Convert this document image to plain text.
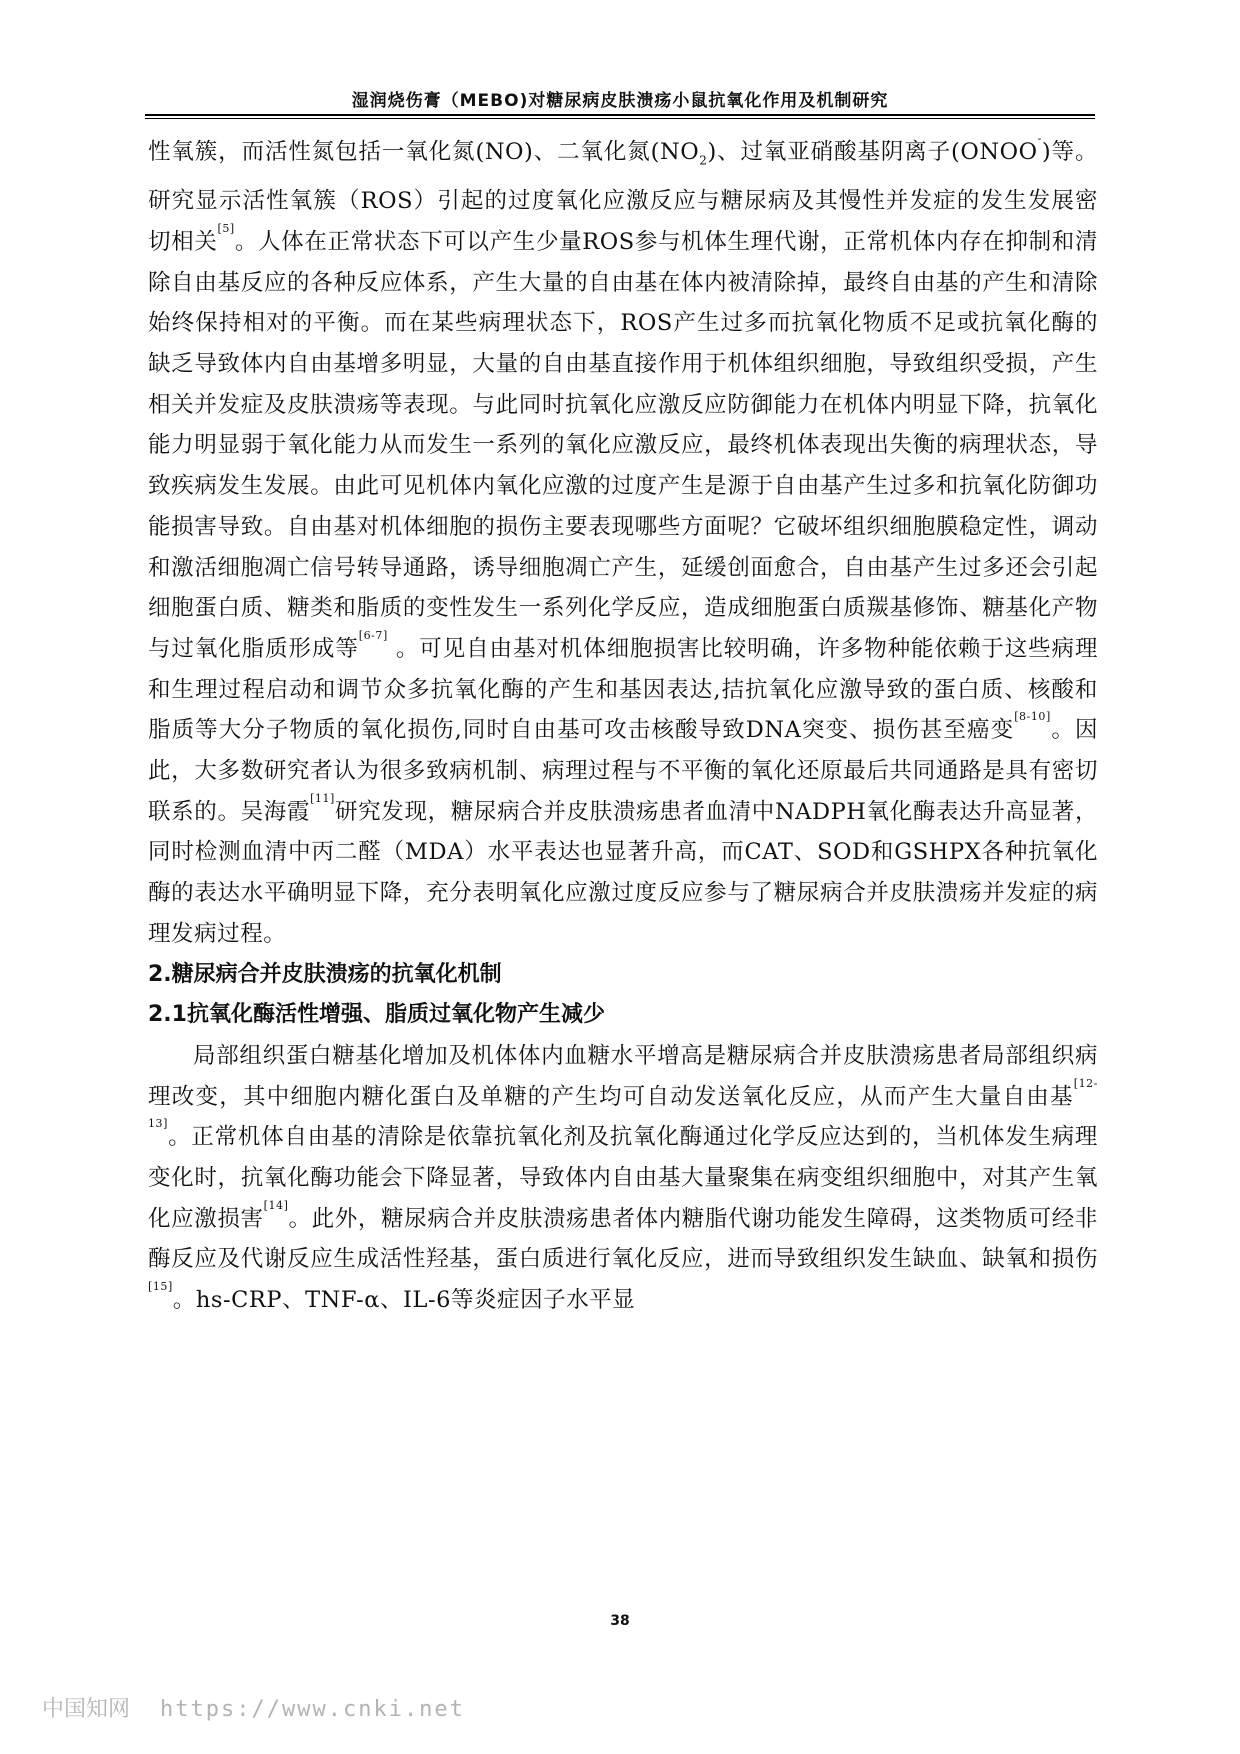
湿润烧伤膏（MEBO)对糖尿病皮肤溃疡小鼠抗氧化作用及机制研究

性氧簇，而活性氮包括一氧化氮(NO)、二氧化氮$(NO_2)$、过氧亚硝酸基阴离子(ONOO-)等。研究显示活性氧簇（ROS）引起的过度氧化应激反应与糖尿病及其慢性并发症的发生发展密切相关[5]。人体在正常状态下可以产生少量ROS参与机体生理代谢，正常机体内存在抑制和清除自由基反应的各种反应体系，产生大量的自由基在体内被清除掉，最终自由基的产生和清除始终保持相对的平衡。而在某些病理状态下，ROS产生过多而抗氧化物质不足或抗氧化酶的缺乏导致体内自由基增多明显，大量的自由基直接作用于机体组织细胞，导致组织受损，产生相关并发症及皮肤溃疡等表现。与此同时抗氧化应激反应防御能力在机体内明显下降，抗氧化能力明显弱于氧化能力从而发生一系列的氧化应激反应，最终机体表现出失衡的病理状态，导致疾病发生发展。由此可见机体内氧化应激的过度产生是源于自由基产生过多和抗氧化防御功能损害导致。自由基对机体细胞的损伤主要表现哪些方面呢？它破坏组织细胞膜稳定性，调动和激活细胞凋亡信号转导通路，诱导细胞凋亡产生，延缓创面愈合，自由基产生过多还会引起细胞蛋白质、糖类和脂质的变性发生一系列化学反应，造成细胞蛋白质羰基修饰、糖基化产物与过氧化脂质形成等[6-7] 。可见自由基对机体细胞损害比较明确，许多物种能依赖于这些病理和生理过程启动和调节众多抗氧化酶的产生和基因表达,拮抗氧化应激导致的蛋白质、核酸和脂质等大分子物质的氧化损伤,同时自由基可攻击核酸导致DNA突变、损伤甚至癌变[8-10]。因此，大多数研究者认为很多致病机制、病理过程与不平衡的氧化还原最后共同通路是具有密切联系的。吴海霞[11]研究发现，糖尿病合并皮肤溃疡患者血清中NADPH氧化酶表达升高显著，同时检测血清中丙二醛（MDA）水平表达也显著升高，而CAT、SOD和GSHPX各种抗氧化酶的表达水平确明显下降，充分表明氧化应激过度反应参与了糖尿病合并皮肤溃疡并发症的病理发病过程。

2.糖尿病合并皮肤溃疡的抗氧化机制

2.1抗氧化酶活性增强、脂质过氧化物产生减少

局部组织蛋白糖基化增加及机体体内血糖水平增高是糖尿病合并皮肤溃疡患者局部组织病理改变，其中细胞内糖化蛋白及单糖的产生均可自动发送氧化反应，从而产生大量自由基[12-13]。正常机体自由基的清除是依靠抗氧化剂及抗氧化酶通过化学反应达到的，当机体发生病理变化时，抗氧化酶功能会下降显著，导致体内自由基大量聚集在病变组织细胞中，对其产生氧化应激损害[14]。此外，糖尿病合并皮肤溃疡患者体内糖脂代谢功能发生障碍，这类物质可经非酶反应及代谢反应生成活性羟基，蛋白质进行氧化反应，进而导致组织发生缺血、缺氧和损伤[15]。hs-CRP、TNF-α、IL-6等炎症因子水平显

38
中国知网 https://www.cnki.net
